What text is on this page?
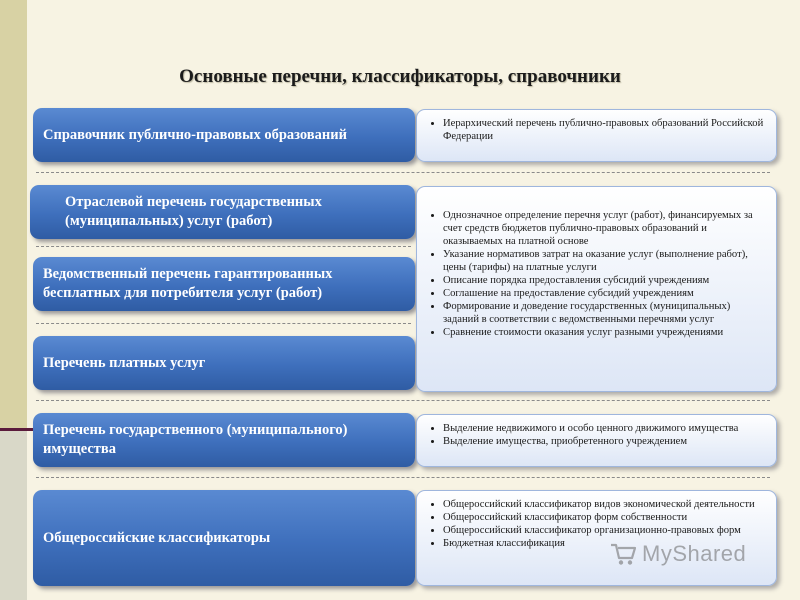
Основные перечни, классификаторы, справочники
Справочник публично-правовых образований
• Иерархический перечень публично-правовых образований Российской Федерации
Отраслевой перечень государственных (муниципальных) услуг (работ)
Ведомственный перечень гарантированных бесплатных для потребителя услуг (работ)
Перечень платных услуг
• Однозначное определение перечня услуг (работ), финансируемых за счет средств бюджетов публично-правовых образований и оказываемых на платной основе
• Указание нормативов затрат на оказание услуг (выполнение работ), цены (тарифы) на платные услуги
• Описание порядка предоставления субсидий учреждениям
• Соглашение на предоставление субсидий учреждениям
• Формирование и доведение государственных (муниципальных) заданий в соответствии с ведомственными перечнями услуг
• Сравнение стоимости оказания услуг разными учреждениями
Перечень государственного (муниципального) имущества
• Выделение недвижимого и особо ценного движимого имущества
• Выделение имущества, приобретенного учреждением
Общероссийские классификаторы
• Общероссийский классификатор видов экономической деятельности
• Общероссийский классификатор форм собственности
• Общероссийский классификатор организационно-правовых форм
• Бюджетная классификация	MyShared
